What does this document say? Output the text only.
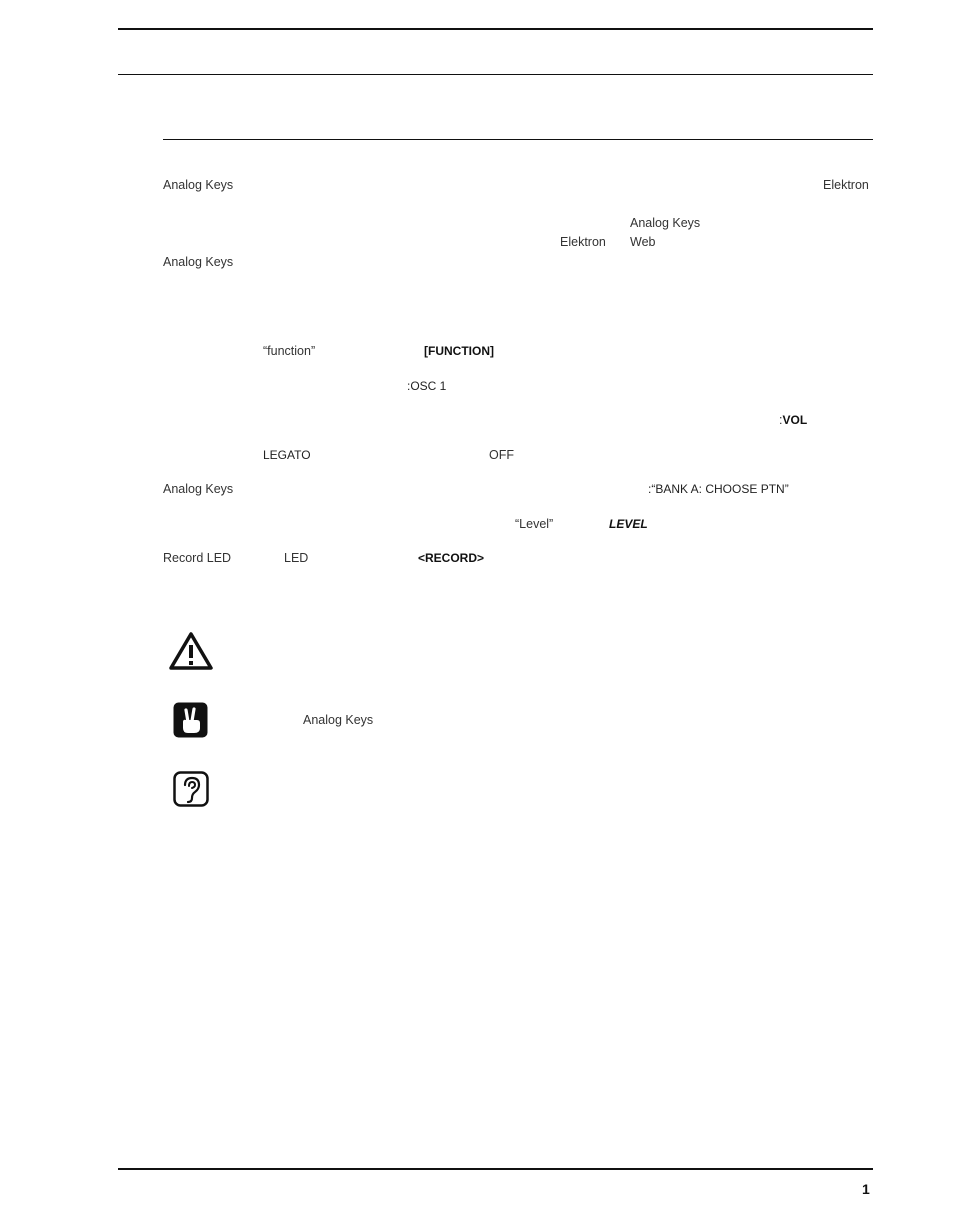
Analog Keys	Elektron
Analog Keys
Elektron Web
Analog Keys
“function”	[FUNCTION]
:OSC 1
:VOL
LEGATO	OFF
Analog Keys	:“BANK A: CHOOSE PTN”
“Level”	LEVEL
Record LED	LED	<RECORD>
Analog Keys
1
